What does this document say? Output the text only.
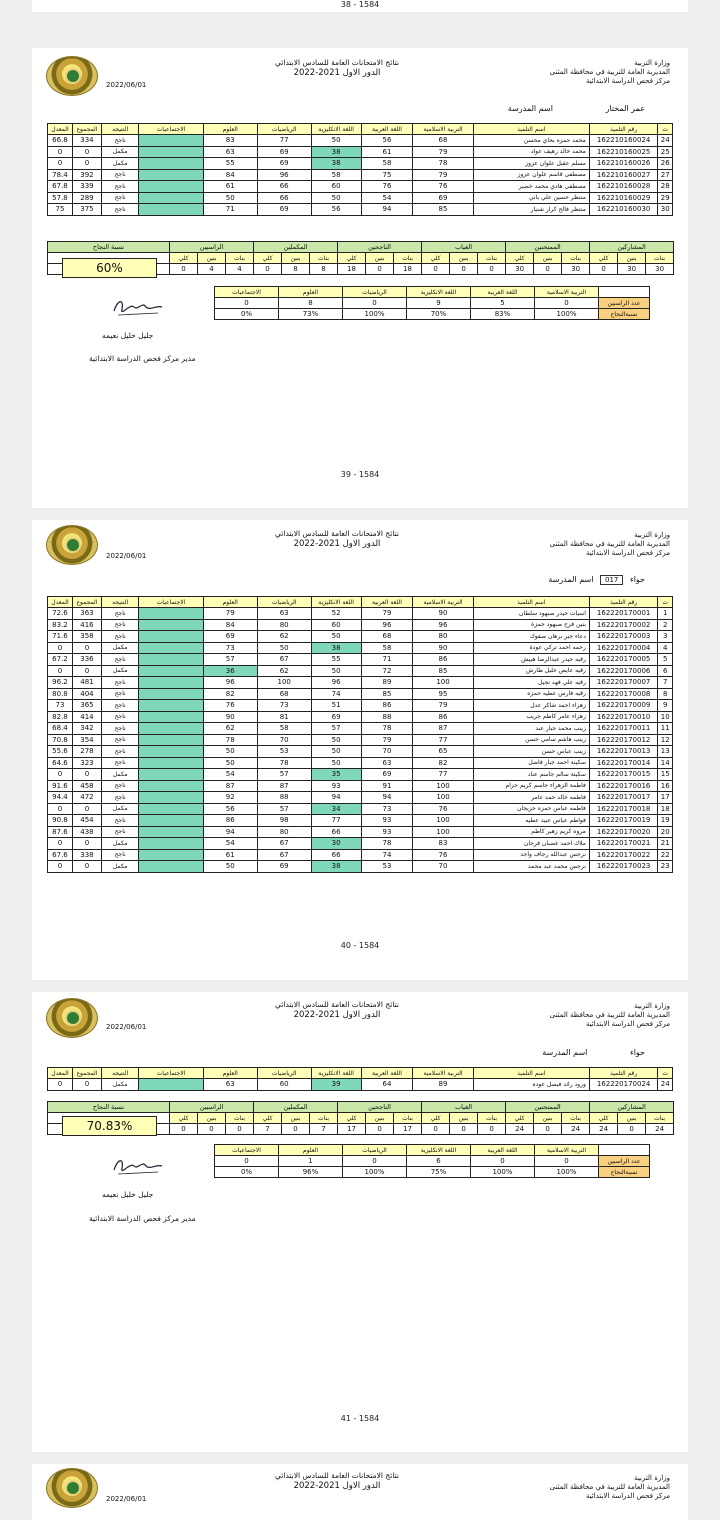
38 - 1584
2022/06/01
نتائج الامتحانات العامة للسادس الابتدائي
2022-2021 الدور الاول
وزارة التربية
المديرية العامة للتربية في محافظة المثنى
مركز فحص الدراسة الابتدائية
عمر المختار اسم المدرسة
المعدل	المجموع	النتيجه	الاجتماعيات	العلوم	الرياضيات	اللغة الانكليزية	اللغة العربية	التربية الاسلامية	اسم التلميذ	رقم التلميذ	ت
66.8	334	ناجح		83	77	50	56	68	محمد حمزه بحاي محسن	162210160024	24
0	0	مكمل		63	69	38	61	79	محمد خالد رهيف عواد	162210160025	25
0	0	مكمل		55	69	38	58	78	مسلم عقيل علوان عزوز	162210160026	26
78.4	392	ناجح		84	96	58	75	79	مصطفى قاسم علوان عزوز	162210160027	27
67.8	339	ناجح		61	66	60	76	76	مصطفى هادي محمد خضير	162210160028	28
57.8	289	ناجح		50	66	50	54	69	منتظر حسين علي باني	162210160029	29
75	375	ناجح		71	69	56	94	85	منتظر فالح كرار شنيار	162210160030	30
نسبة النجاح	الراسبين			المكملين			الناجحين			الغياب			الممتحنين			المشاركين		
	كلي	بنين	بنات	كلي	بنين	بنات	كلي	بنين	بنات	كلي	بنين	بنات	كلي	بنين	بنات	كلي	بنين	بنات
	0	4	4	0	8	8	18	0	18	0	0	0	30	0	30	0	30	30
60%
الاجتماعيات	العلوم	الرياضيات	اللغة الانكليزية	اللغة العربية	التربية الاسلامية	
0	8	0	9	5	0	عدد الراسبين
0%	73%	100%	70%	83%	100%	نسبةالنجاح
جليل خليل نعيمه
مدير مركز فحص الدراسة الابتدائية
39 - 1584
2022/06/01
نتائج الامتحانات العامة للسادس الابتدائي
2022-2021 الدور الاول
وزارة التربية
المديرية العامة للتربية في محافظة المثنى
مركز فحص الدراسة الابتدائية
حواء 017 اسم المدرسة
المعدل	المجموع	النتيجه	الاجتماعيات	العلوم	الرياضيات	اللغة الانكليزية	اللغة العربية	التربية الاسلامية	اسم التلميذ	رقم التلميذ	ت
72.6	363	ناجح		79	63	52	79	90	اسيات حيدر صبهود سلطان	162220170001	1
83.2	416	ناجح		84	80	60	96	96	بنين فرح صبهود حمزة	162220170002	2
71.6	358	ناجح		69	62	50	68	80	دعاء جبر برهان صفوك	162220170003	3
0	0	مكمل		73	50	38	58	90	رحمه احمد تركي عودة	162220170004	4
67.2	336	ناجح		57	67	55	71	86	رقيه حيدر عبدالرضا هبيش	162220170005	5
0	0	مكمل		36	62	50	72	85	رقيه عايض خليل طارش	162220170006	6
96.2	481	ناجح		96	100	96	89	100	رقيه علي فهد نجيل	162220170007	7
80.8	404	ناجح		82	68	74	85	95	رقيه فارس عطيه حمزه	162220170008	8
73	365	ناجح		76	73	51	86	79	زهراء احمد شاكر عدل	162220170009	9
82.8	414	ناجح		90	81	69	88	86	زهراء عامر كاظم جريب	162220170010	10
68.4	342	ناجح		62	58	57	78	87	زينب محمد جبار عبد	162220170011	11
70.8	354	ناجح		78	70	50	79	77	زينب هاشم سامي حسن	162220170012	12
55.6	278	ناجح		50	53	50	70	65	زينب عباس حسن	162220170013	13
64.6	323	ناجح		50	78	50	63	82	سكينة احمد جبار فاضل	162220170014	14
0	0	مكمل		54	57	35	69	77	سكينة سالم جاسم عناد	162220170015	15
91.6	458	ناجح		87	87	93	91	100	فاطمة الزهراء جاسم كريم حزام	162220170016	16
94.4	472	ناجح		92	88	94	94	100	فاطمه خالد حمد عامر	162220170017	17
0	0	مكمل		56	57	34	73	76	فاطمه عباس حمزه حزيجان	162220170018	18
90.8	454	ناجح		86	98	77	93	100	فواطم عباس عبيد عطيه	162220170019	19
87.6	438	ناجح		94	80	66	93	100	مروه كريم زهير كاظم	162220170020	20
0	0	مكمل		54	67	30	78	83	ملاك احمد غضبان فرحان	162220170021	21
67.6	338	ناجح		61	67	66	74	76	نرجس عبدالله رجاف واجد	162220170022	22
0	0	مكمل		50	69	38	53	70	نرجس محمد عبد محمد	162220170023	23
40 - 1584
2022/06/01
نتائج الامتحانات العامة للسادس الابتدائي
2022-2021 الدور الاول
وزارة التربية
المديرية العامة للتربية في محافظة المثنى
مركز فحص الدراسة الابتدائية
حواء اسم المدرسة
المعدل	المجموع	النتيجه	الاجتماعيات	العلوم	الرياضيات	اللغة الانكليزية	اللغة العربية	التربية الاسلامية	اسم التلميذ	رقم التلميذ	ت
0	0	مكمل		63	60	39	64	89	ورود رائد فيصل عوده	162220170024	24
نسبة النجاح	الراسبين			المكملين			الناجحين			الغياب			الممتحنين			المشاركين		
	كلي	بنين	بنات	كلي	بنين	بنات	كلي	بنين	بنات	كلي	بنين	بنات	كلي	بنين	بنات	كلي	بنين	بنات
	0	0	0	7	0	7	17	0	17	0	0	0	24	0	24	24	0	24
70.83%
الاجتماعيات	العلوم	الرياضيات	اللغة الانكليزية	اللغة العربية	التربية الاسلامية	
0	1	0	6	0	0	عدد الراسبين
0%	96%	100%	75%	100%	100%	نسبةالنجاح
جليل خليل نعيمه
مدير مركز فحص الدراسة الابتدائية
41 - 1584
2022/06/01
نتائج الامتحانات العامة للسادس الابتدائي
2022-2021 الدور الاول
وزارة التربية
المديرية العامة للتربية في محافظة المثنى
مركز فحص الدراسة الابتدائية
